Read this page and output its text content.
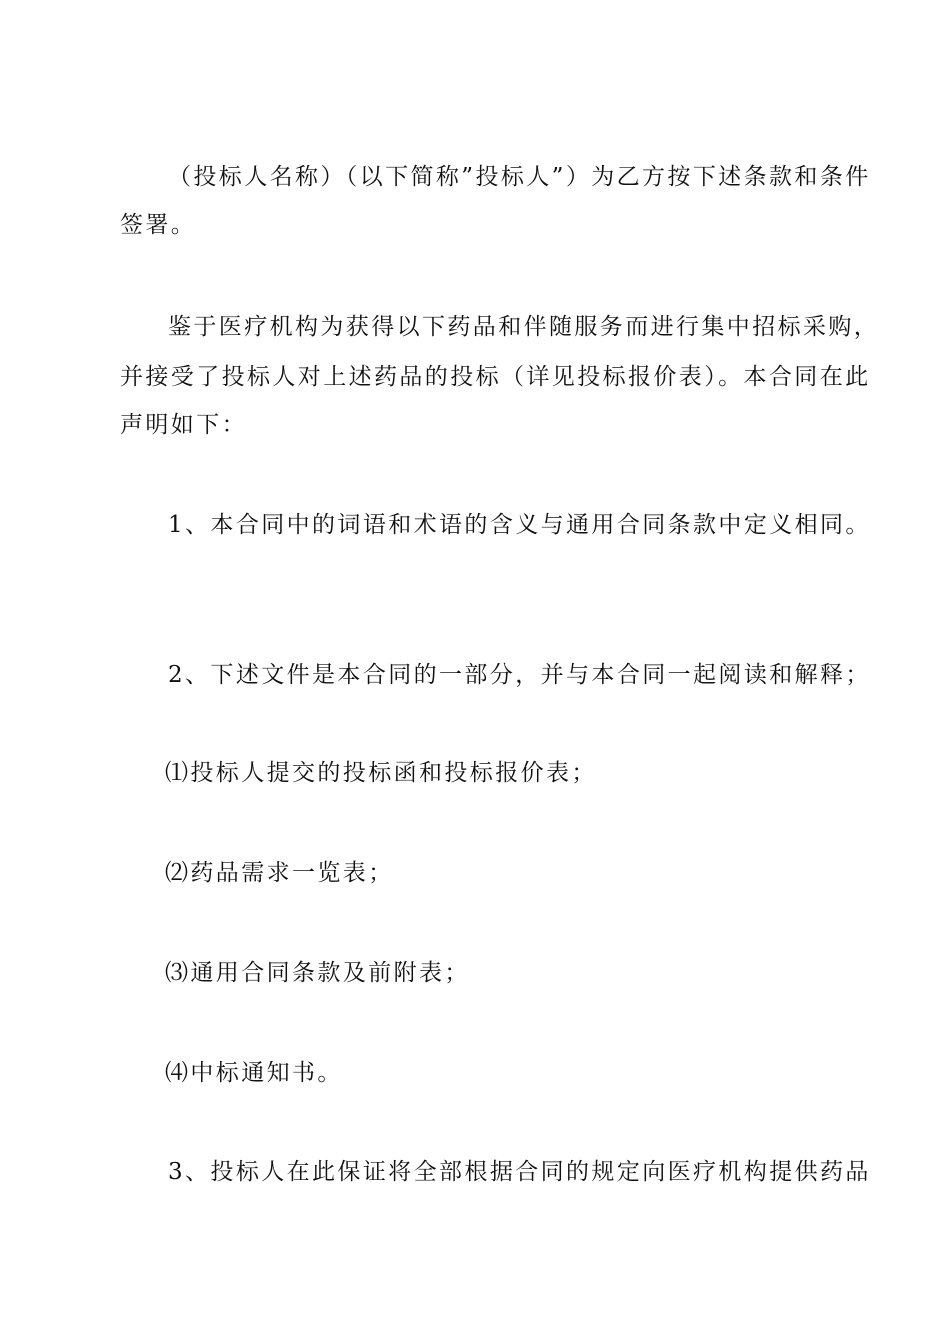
（投标人名称）（以下简称”投标人”）为乙方按下述条款和条件
签署。
鉴于医疗机构为获得以下药品和伴随服务而进行集中招标采购，
并接受了投标人对上述药品的投标（详见投标报价表）。本合同在此
声明如下：
1、本合同中的词语和术语的含义与通用合同条款中定义相同。
2、下述文件是本合同的一部分，并与本合同一起阅读和解释；
⑴投标人提交的投标函和投标报价表；
⑵药品需求一览表；
⑶通用合同条款及前附表；
⑷中标通知书。
3、投标人在此保证将全部根据合同的规定向医疗机构提供药品
